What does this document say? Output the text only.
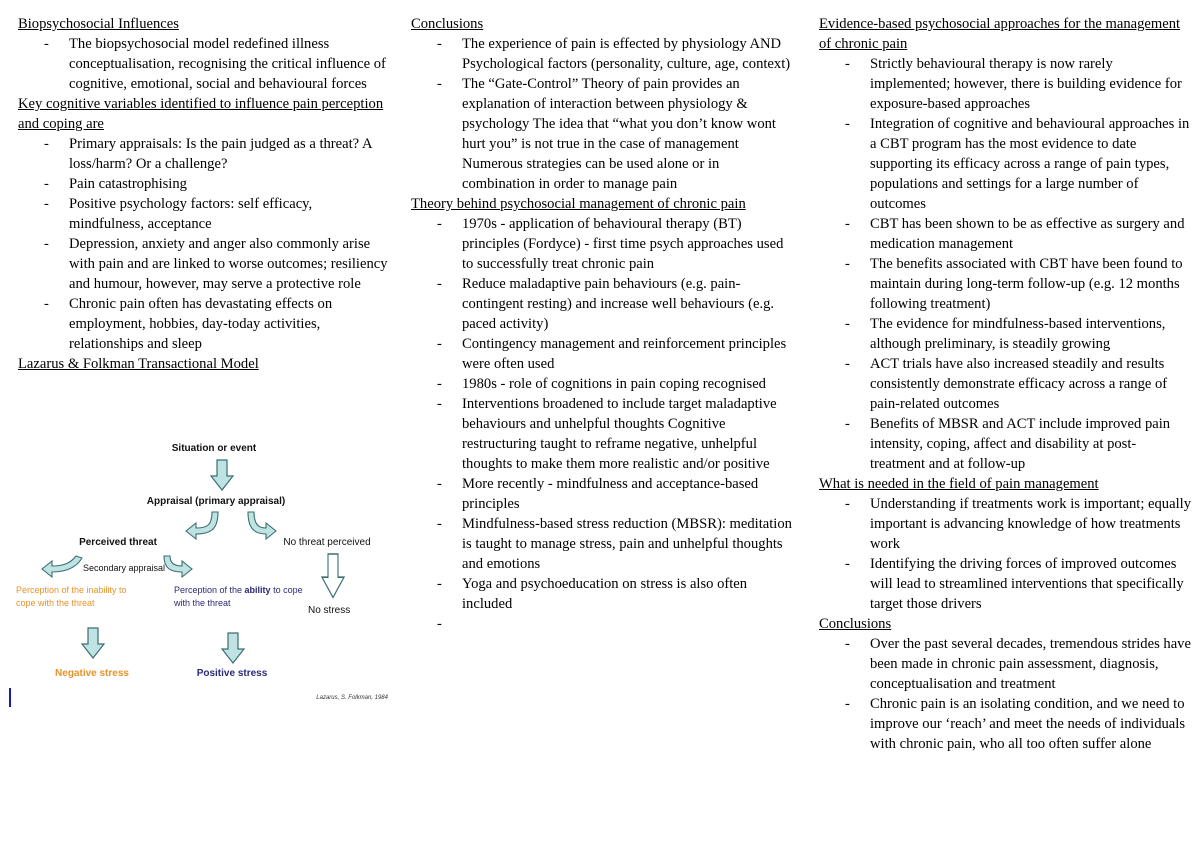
Biopsychosocial Influences
- The biopsychosocial model redefined illness conceptualisation, recognising the critical influence of cognitive, emotional, social and behavioural forces
Key cognitive variables identified to influence pain perception and coping are
- Primary appraisals: Is the pain judged as a threat? A loss/harm? Or a challenge?
- Pain catastrophising
- Positive psychology factors: self efficacy, mindfulness, acceptance
- Depression, anxiety and anger also commonly arise with pain and are linked to worse outcomes; resiliency and humour, however, may serve a protective role
- Chronic pain often has devastating effects on employment, hobbies, day-today activities, relationships and sleep
Lazarus & Folkman Transactional Model
Conclusions
- The experience of pain is effected by physiology AND Psychological factors (personality, culture, age, context)
- The “Gate-Control” Theory of pain provides an explanation of interaction between physiology & psychology The idea that “what you don’t know wont hurt you” is not true in the case of management Numerous strategies can be used alone or in combination in order to manage pain
Theory behind psychosocial management of chronic pain
- 1970s - application of behavioural therapy (BT) principles (Fordyce) - first time psych approaches used to successfully treat chronic pain
- Reduce maladaptive pain behaviours (e.g. pain-contingent resting) and increase well behaviours (e.g. paced activity)
- Contingency management and reinforcement principles were often used
- 1980s - role of cognitions in pain coping recognised
- Interventions broadened to include target maladaptive behaviours and unhelpful thoughts Cognitive restructuring taught to reframe negative, unhelpful thoughts to make them more realistic and/or positive
- More recently - mindfulness and acceptance-based principles
- Mindfulness-based stress reduction (MBSR): meditation is taught to manage stress, pain and unhelpful thoughts and emotions
- Yoga and psychoeducation on stress is also often included
-
Evidence-based psychosocial approaches for the management of chronic pain
- Strictly behavioural therapy is now rarely implemented; however, there is building evidence for exposure-based approaches
- Integration of cognitive and behavioural approaches in a CBT program has the most evidence to date supporting its efficacy across a range of pain types, populations and settings for a large number of outcomes
- CBT has been shown to be as effective as surgery and medication management
- The benefits associated with CBT have been found to maintain during long-term follow-up (e.g. 12 months following treatment)
- The evidence for mindfulness-based interventions, although preliminary, is steadily growing
- ACT trials have also increased steadily and results consistently demonstrate efficacy across a range of pain-related outcomes
- Benefits of MBSR and ACT include improved pain intensity, coping, affect and disability at post-treatment and at follow-up
What is needed in the field of pain management
- Understanding if treatments work is important; equally important is advancing knowledge of how treatments work
- Identifying the driving forces of improved outcomes will lead to streamlined interventions that specifically target those drivers
Conclusions
- Over the past several decades, tremendous strides have been made in chronic pain assessment, diagnosis, conceptualisation and treatment
- Chronic pain is an isolating condition, and we need to improve our ‘reach’ and meet the needs of individuals with chronic pain, who all too often suffer alone
Situation or event
Appraisal (primary appraisal)
Perceived threat	No threat perceived
Secondary appraisal
Perception of the inability to cope with the threat
Perception of the ability to cope with the threat
No stress
Negative stress	Positive stress
Lazarus, S. Folkman, 1984
